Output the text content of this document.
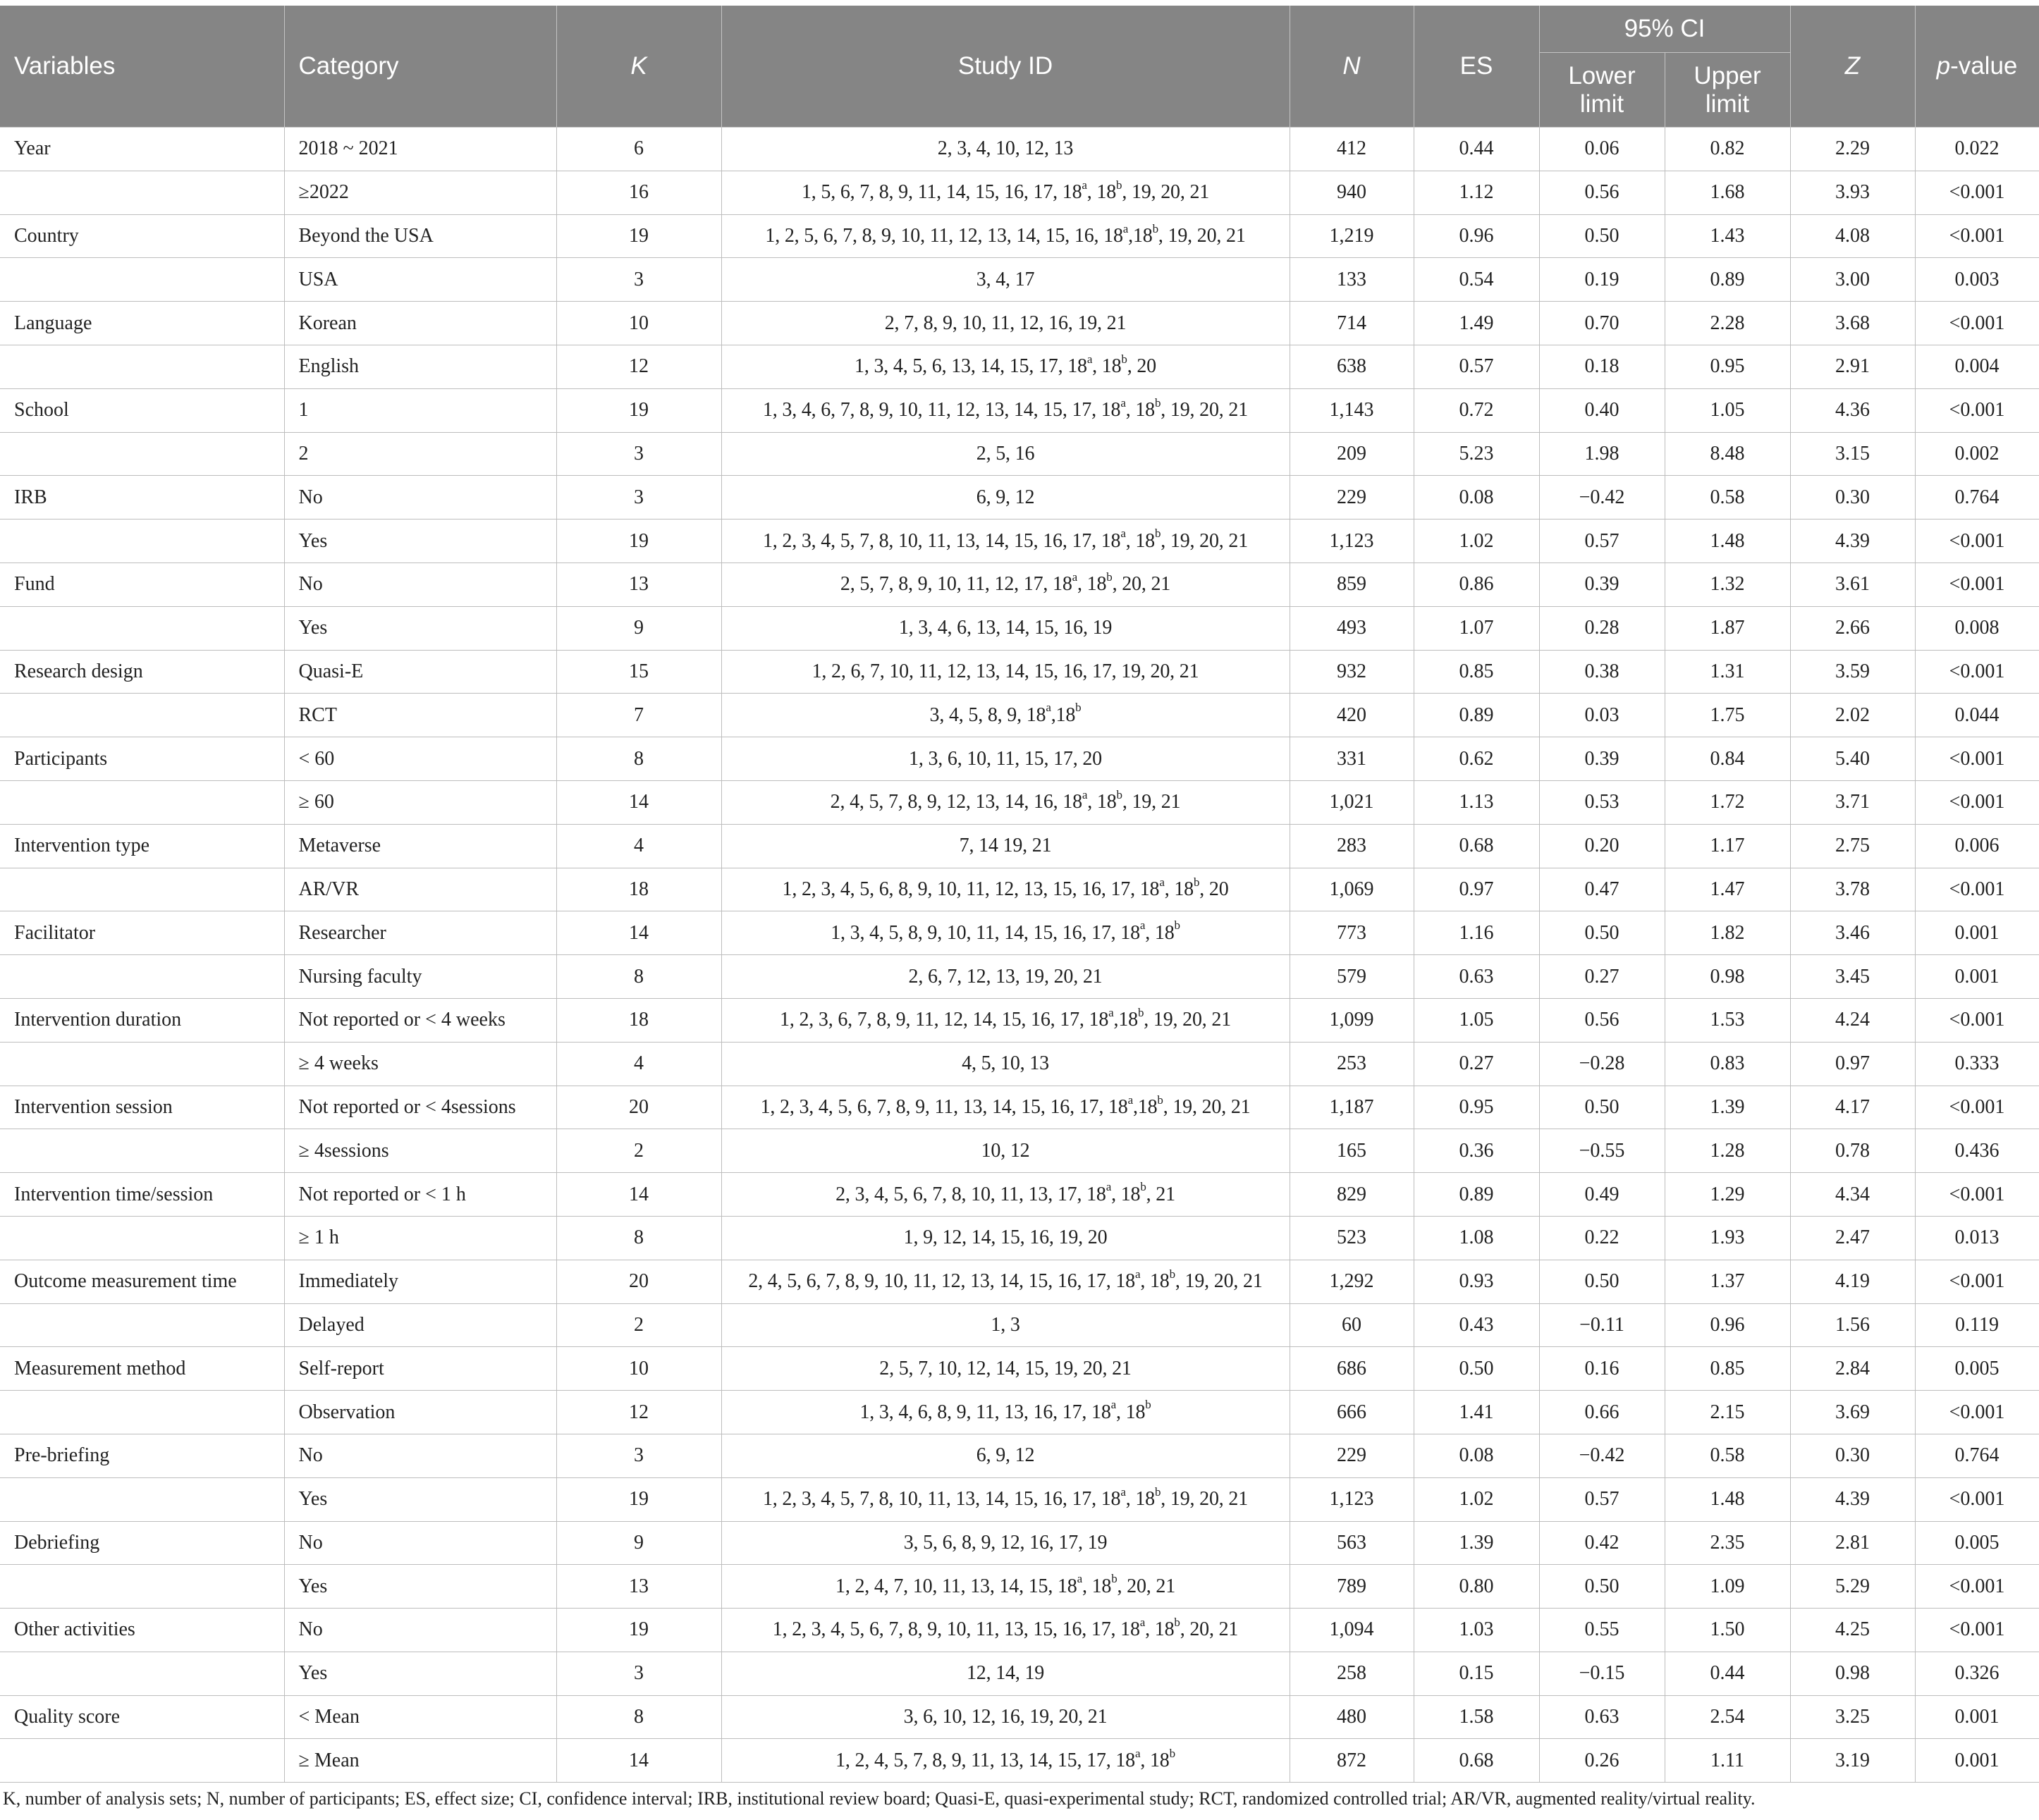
Variables	Category	K	Study ID	N	ES	95% CI		Z	p-value
						Lower limit	Upper limit		
Year	2018 ~ 2021	6	2, 3, 4, 10, 12, 13	412	0.44	0.06	0.82	2.29	0.022
	≥2022	16	1, 5, 6, 7, 8, 9, 11, 14, 15, 16, 17, 18$^a$, 18$^b$, 19, 20, 21	940	1.12	0.56	1.68	3.93	<0.001
Country	Beyond the USA	19	1, 2, 5, 6, 7, 8, 9, 10, 11, 12, 13, 14, 15, 16, 18$^a$,18$^b$, 19, 20, 21	1,219	0.96	0.50	1.43	4.08	<0.001
	USA	3	3, 4, 17	133	0.54	0.19	0.89	3.00	0.003
Language	Korean	10	2, 7, 8, 9, 10, 11, 12, 16, 19, 21	714	1.49	0.70	2.28	3.68	<0.001
	English	12	1, 3, 4, 5, 6, 13, 14, 15, 17, 18$^a$, 18$^b$, 20	638	0.57	0.18	0.95	2.91	0.004
School	1	19	1, 3, 4, 6, 7, 8, 9, 10, 11, 12, 13, 14, 15, 17, 18$^a$, 18$^b$, 19, 20, 21	1,143	0.72	0.40	1.05	4.36	<0.001
	2	3	2, 5, 16	209	5.23	1.98	8.48	3.15	0.002
IRB	No	3	6, 9, 12	229	0.08	−0.42	0.58	0.30	0.764
	Yes	19	1, 2, 3, 4, 5, 7, 8, 10, 11, 13, 14, 15, 16, 17, 18$^a$, 18$^b$, 19, 20, 21	1,123	1.02	0.57	1.48	4.39	<0.001
Fund	No	13	2, 5, 7, 8, 9, 10, 11, 12, 17, 18$^a$, 18$^b$, 20, 21	859	0.86	0.39	1.32	3.61	<0.001
	Yes	9	1, 3, 4, 6, 13, 14, 15, 16, 19	493	1.07	0.28	1.87	2.66	0.008
Research design	Quasi-E	15	1, 2, 6, 7, 10, 11, 12, 13, 14, 15, 16, 17, 19, 20, 21	932	0.85	0.38	1.31	3.59	<0.001
	RCT	7	3, 4, 5, 8, 9, 18$^a$,18$^b$	420	0.89	0.03	1.75	2.02	0.044
Participants	< 60	8	1, 3, 6, 10, 11, 15, 17, 20	331	0.62	0.39	0.84	5.40	<0.001
	≥ 60	14	2, 4, 5, 7, 8, 9, 12, 13, 14, 16, 18$^a$, 18$^b$, 19, 21	1,021	1.13	0.53	1.72	3.71	<0.001
Intervention type	Metaverse	4	7, 14 19, 21	283	0.68	0.20	1.17	2.75	0.006
	AR/VR	18	1, 2, 3, 4, 5, 6, 8, 9, 10, 11, 12, 13, 15, 16, 17, 18$^a$, 18$^b$, 20	1,069	0.97	0.47	1.47	3.78	<0.001
Facilitator	Researcher	14	1, 3, 4, 5, 8, 9, 10, 11, 14, 15, 16, 17, 18$^a$, 18$^b$	773	1.16	0.50	1.82	3.46	0.001
	Nursing faculty	8	2, 6, 7, 12, 13, 19, 20, 21	579	0.63	0.27	0.98	3.45	0.001
Intervention duration	Not reported or < 4 weeks	18	1, 2, 3, 6, 7, 8, 9, 11, 12, 14, 15, 16, 17, 18$^a$,18$^b$, 19, 20, 21	1,099	1.05	0.56	1.53	4.24	<0.001
	≥ 4 weeks	4	4, 5, 10, 13	253	0.27	−0.28	0.83	0.97	0.333
Intervention session	Not reported or < 4sessions	20	1, 2, 3, 4, 5, 6, 7, 8, 9, 11, 13, 14, 15, 16, 17, 18$^a$,18$^b$, 19, 20, 21	1,187	0.95	0.50	1.39	4.17	<0.001
	≥ 4sessions	2	10, 12	165	0.36	−0.55	1.28	0.78	0.436
Intervention time/session	Not reported or < 1 h	14	2, 3, 4, 5, 6, 7, 8, 10, 11, 13, 17, 18$^a$, 18$^b$, 21	829	0.89	0.49	1.29	4.34	<0.001
	≥ 1 h	8	1, 9, 12, 14, 15, 16, 19, 20	523	1.08	0.22	1.93	2.47	0.013
Outcome measurement time	Immediately	20	2, 4, 5, 6, 7, 8, 9, 10, 11, 12, 13, 14, 15, 16, 17, 18$^a$, 18$^b$, 19, 20, 21	1,292	0.93	0.50	1.37	4.19	<0.001
	Delayed	2	1, 3	60	0.43	−0.11	0.96	1.56	0.119
Measurement method	Self-report	10	2, 5, 7, 10, 12, 14, 15, 19, 20, 21	686	0.50	0.16	0.85	2.84	0.005
	Observation	12	1, 3, 4, 6, 8, 9, 11, 13, 16, 17, 18$^a$, 18$^b$	666	1.41	0.66	2.15	3.69	<0.001
Pre-briefing	No	3	6, 9, 12	229	0.08	−0.42	0.58	0.30	0.764
	Yes	19	1, 2, 3, 4, 5, 7, 8, 10, 11, 13, 14, 15, 16, 17, 18$^a$, 18$^b$, 19, 20, 21	1,123	1.02	0.57	1.48	4.39	<0.001
Debriefing	No	9	3, 5, 6, 8, 9, 12, 16, 17, 19	563	1.39	0.42	2.35	2.81	0.005
	Yes	13	1, 2, 4, 7, 10, 11, 13, 14, 15, 18$^a$, 18$^b$, 20, 21	789	0.80	0.50	1.09	5.29	<0.001
Other activities	No	19	1, 2, 3, 4, 5, 6, 7, 8, 9, 10, 11, 13, 15, 16, 17, 18$^a$, 18$^b$, 20, 21	1,094	1.03	0.55	1.50	4.25	<0.001
	Yes	3	12, 14, 19	258	0.15	−0.15	0.44	0.98	0.326
Quality score	< Mean	8	3, 6, 10, 12, 16, 19, 20, 21	480	1.58	0.63	2.54	3.25	0.001
	≥ Mean	14	1, 2, 4, 5, 7, 8, 9, 11, 13, 14, 15, 17, 18$^a$, 18$^b$	872	0.68	0.26	1.11	3.19	0.001
K, number of analysis sets; N, number of participants; ES, effect size; CI, confidence interval; IRB, institutional review board; Quasi-E, quasi-experimental study; RCT, randomized controlled trial; AR/VR, augmented reality/virtual reality.
